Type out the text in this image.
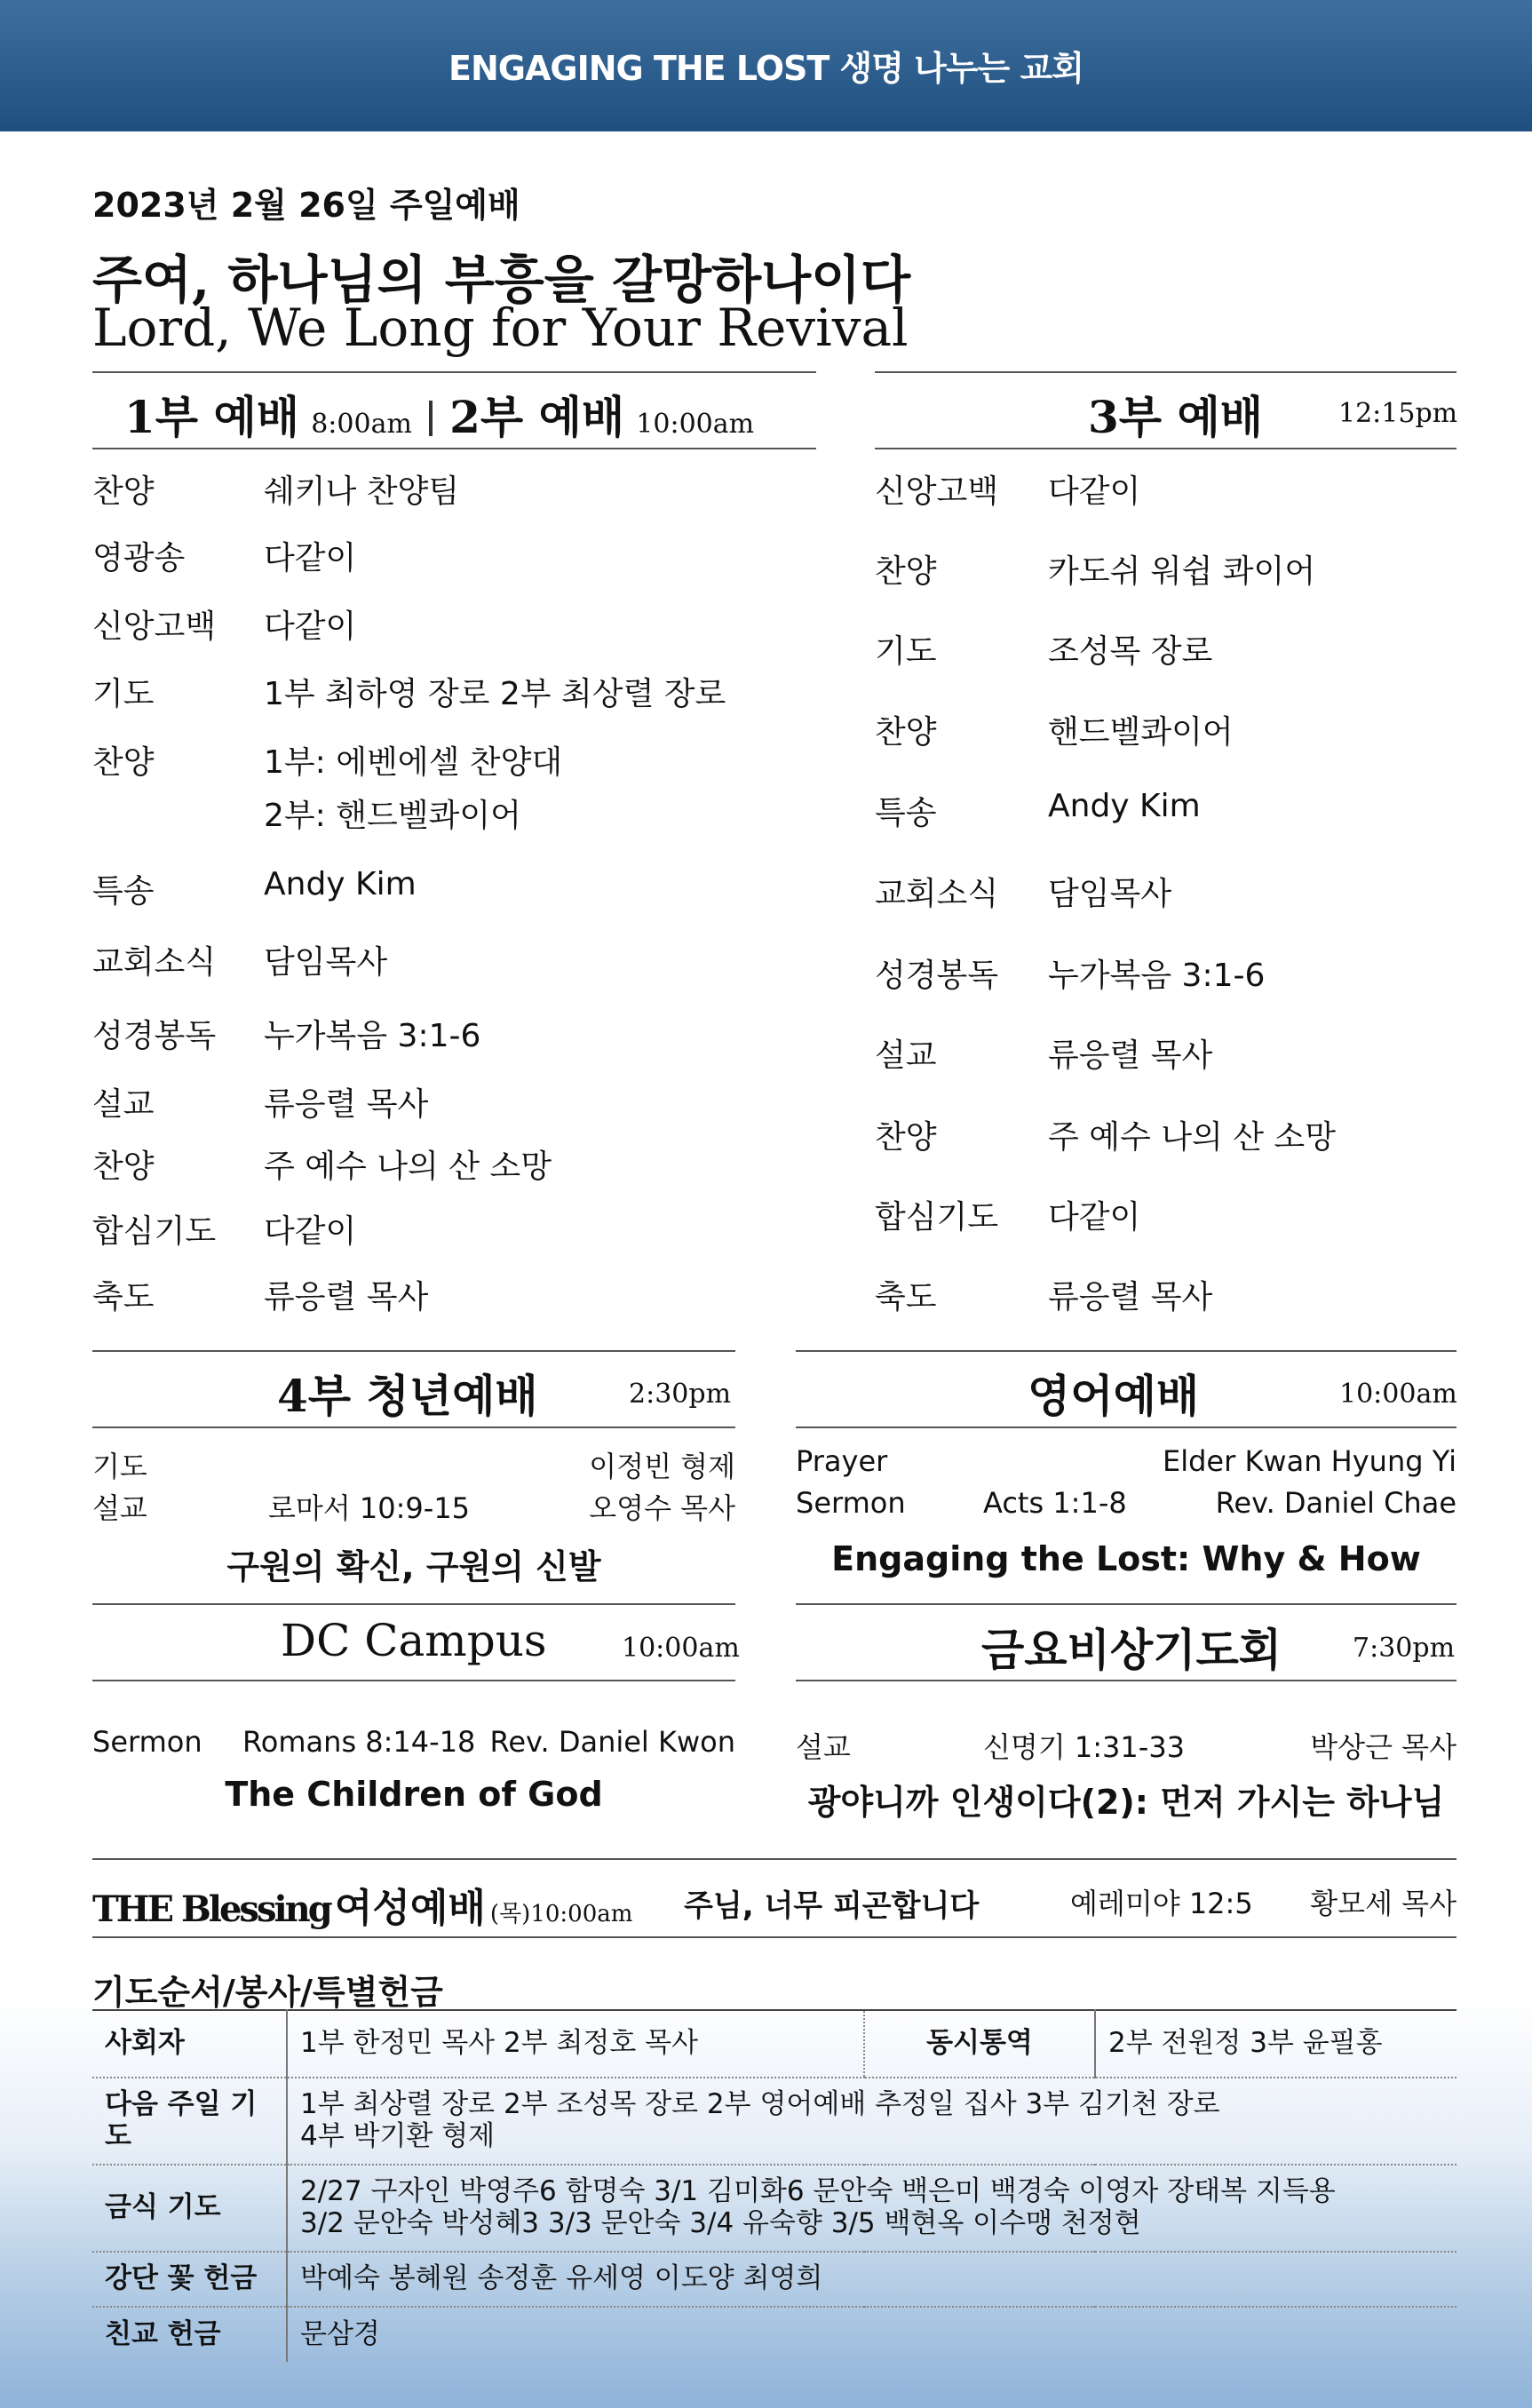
ENGAGING THE LOST 생명 나누는 교회
2023년 2월 26일 주일예배
주여, 하나님의 부흥을 갈망하나이다
Lord, We Long for Your Revival
1부 예배 8:00am 2부 예배 10:00am
찬양	쉐키나 찬양팀
영광송 다같이
신앙고백 다같이
기도	1부 최하영 장로 2부 최상렬 장로
찬양	1부: 에벤에셀 찬양대
2부: 핸드벨콰이어
특송	Andy Kim
교회소식 담임목사
성경봉독 누가복음 3:1-6
설교	류응렬 목사
찬양	주 예수 나의 산 소망
합심기도 다같이
축도	류응렬 목사
3부 예배	12:15pm
신앙고백 다같이
찬양	카도쉬 워쉽 콰이어
기도	조성목 장로
찬양	핸드벨콰이어
특송	Andy Kim
교회소식 담임목사
성경봉독 누가복음 3:1-6
설교	류응렬 목사
찬양	주 예수 나의 산 소망
합심기도 다같이
축도	류응렬 목사
4부 청년예배	2:30pm
기도	이정빈 형제
설교	로마서 10:9-15	오영수 목사
구원의 확신, 구원의 신발
영어예배	10:00am
Prayer	Elder Kwan Hyung Yi
Sermon	Acts 1:1-8	Rev. Daniel Chae
Engaging the Lost: Why & How
DC Campus	10:00am
Sermon Romans 8:14-18 Rev. Daniel Kwon
The Children of God
금요비상기도회	7:30pm
설교	신명기 1:31-33	박상근 목사
광야니까 인생이다(2): 먼저 가시는 하나님
THE Blessing 여성예배 (목)10:00am 주님, 너무 피곤합니다	예레미야 12:5 황모세 목사
기도순서/봉사/특별헌금
사회자	1부 한정민 목사 2부 최정호 목사	동시통역	2부 전원정 3부 윤필홍
다음 주일 기도	1부 최상렬 장로 2부 조성목 장로 2부 영어예배 추정일 집사 3부 김기천 장로
4부 박기환 형제		

금식 기도	2/27 구자인 박영주6 함명숙 3/1 김미화6 문안숙 백은미 백경숙 이영자 장태복 지득용
3/2 문안숙 박성혜3 3/3 문안숙 3/4 유숙향 3/5 백현옥 이수맹 천정현		

강단 꽃 헌금	박예숙 봉혜원 송정훈 유세영 이도양 최영희		
친교 헌금	문삼경		
